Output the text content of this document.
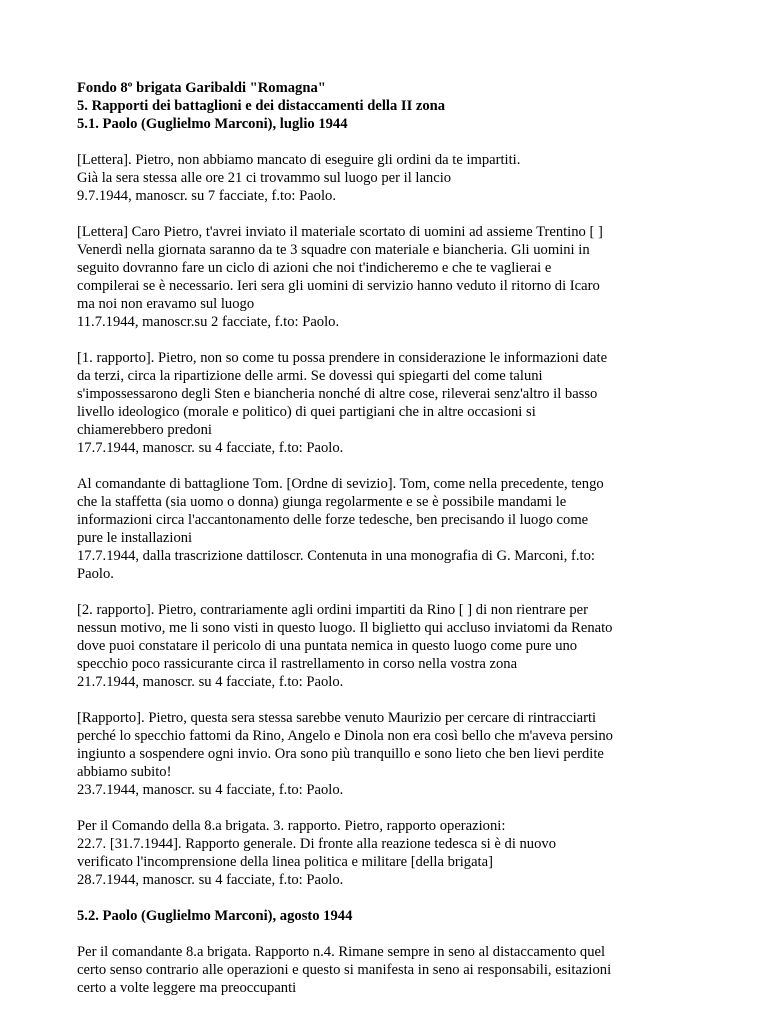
Fondo 8º brigata Garibaldi "Romagna"
5. Rapporti dei battaglioni e dei distaccamenti della II zona
5.1. Paolo (Guglielmo Marconi), luglio 1944
[Lettera]. Pietro, non abbiamo mancato di eseguire gli ordini da te impartiti.
Già la sera stessa alle ore 21 ci trovammo sul luogo per il lancio
9.7.1944, manoscr. su 7 facciate, f.to: Paolo.
[Lettera] Caro Pietro, t'avrei inviato il materiale scortato di uomini ad assieme Trentino [ ]
Venerdì nella giornata saranno da te 3 squadre con materiale e biancheria. Gli uomini in
seguito dovranno fare un ciclo di azioni che noi t'indicheremo e che te vaglierai e
compilerai se è necessario. Ieri sera gli uomini di servizio hanno veduto il ritorno di Icaro
ma noi non eravamo sul luogo
11.7.1944, manoscr.su 2 facciate, f.to: Paolo.
[1. rapporto]. Pietro, non so come tu possa prendere in considerazione le informazioni date
da terzi, circa la ripartizione delle armi. Se dovessi qui spiegarti del come taluni
s'impossessarono degli Sten e biancheria nonché di altre cose, rileverai senz'altro il basso
livello ideologico (morale e politico) di quei partigiani che in altre occasioni si
chiamerebbero predoni
17.7.1944, manoscr. su 4 facciate, f.to: Paolo.
Al comandante di battaglione Tom. [Ordne di sevizio]. Tom, come nella precedente, tengo
che la staffetta (sia uomo o donna) giunga regolarmente e se è possibile mandami le
informazioni circa l'accantonamento delle forze tedesche, ben precisando il luogo come
pure le installazioni
17.7.1944, dalla trascrizione dattiloscr. Contenuta in una monografia di G. Marconi, f.to:
Paolo.
[2. rapporto]. Pietro, contrariamente agli ordini impartiti da Rino [ ] di non rientrare per
nessun motivo, me li sono visti in questo luogo. Il biglietto qui accluso inviatomi da Renato
dove puoi constatare il pericolo di una puntata nemica in questo luogo come pure uno
specchio poco rassicurante circa il rastrellamento in corso nella vostra zona
21.7.1944, manoscr. su 4 facciate, f.to: Paolo.
[Rapporto]. Pietro, questa sera stessa sarebbe venuto Maurizio per cercare di rintracciarti
perché lo specchio fattomi da Rino, Angelo e Dinola non era così bello che m'aveva persino
ingiunto a sospendere ogni invio. Ora sono più tranquillo e sono lieto che ben lievi perdite
abbiamo subito!
23.7.1944, manoscr. su 4 facciate, f.to: Paolo.
Per il Comando della 8.a brigata. 3. rapporto. Pietro, rapporto operazioni:
22.7. [31.7.1944]. Rapporto generale. Di fronte alla reazione tedesca si è di nuovo
verificato l'incomprensione della linea politica e militare [della brigata]
28.7.1944, manoscr. su 4 facciate, f.to: Paolo.
5.2. Paolo (Guglielmo Marconi), agosto 1944
Per il comandante 8.a brigata. Rapporto n.4. Rimane sempre in seno al distaccamento quel
certo senso contrario alle operazioni e questo si manifesta in seno ai responsabili, esitazioni
certo a volte leggere ma preoccupanti
